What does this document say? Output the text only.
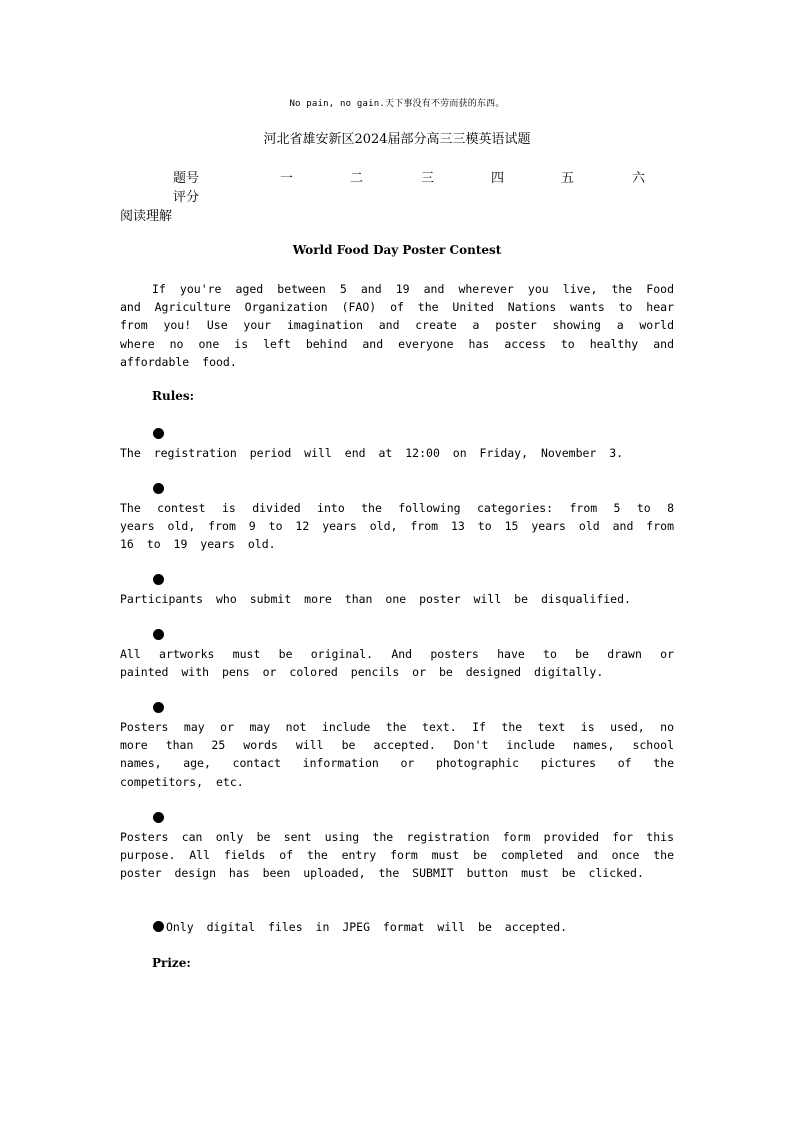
No pain, no gain.天下事没有不劳而获的东西。
河北省雄安新区2024届部分高三三模英语试题
题号	一	二	三	四	五	六
评分
阅读理解
World Food Day Poster Contest
If you're aged between 5 and 19 and wherever you live, the Food and Agriculture Organization (FAO) of the United Nations wants to hear from you! Use your imagination and create a poster showing a world where no one is left behind and everyone has access to healthy and affordable food.
Rules:
The registration period will end at 12:00 on Friday, November 3.
The contest is divided into the following categories: from 5 to 8 years old, from 9 to 12 years old, from 13 to 15 years old and from 16 to 19 years old.
Participants who submit more than one poster will be disqualified.
All artworks must be original. And posters have to be drawn or painted with pens or colored pencils or be designed digitally.
Posters may or may not include the text. If the text is used, no more than 25 words will be accepted. Don't include names, school names, age, contact information or photographic pictures of the competitors, etc.
Posters can only be sent using the registration form provided for this purpose. All fields of the entry form must be completed and once the poster design has been uploaded, the SUBMIT button must be clicked.
Only digital files in JPEG format will be accepted.
Prize:
